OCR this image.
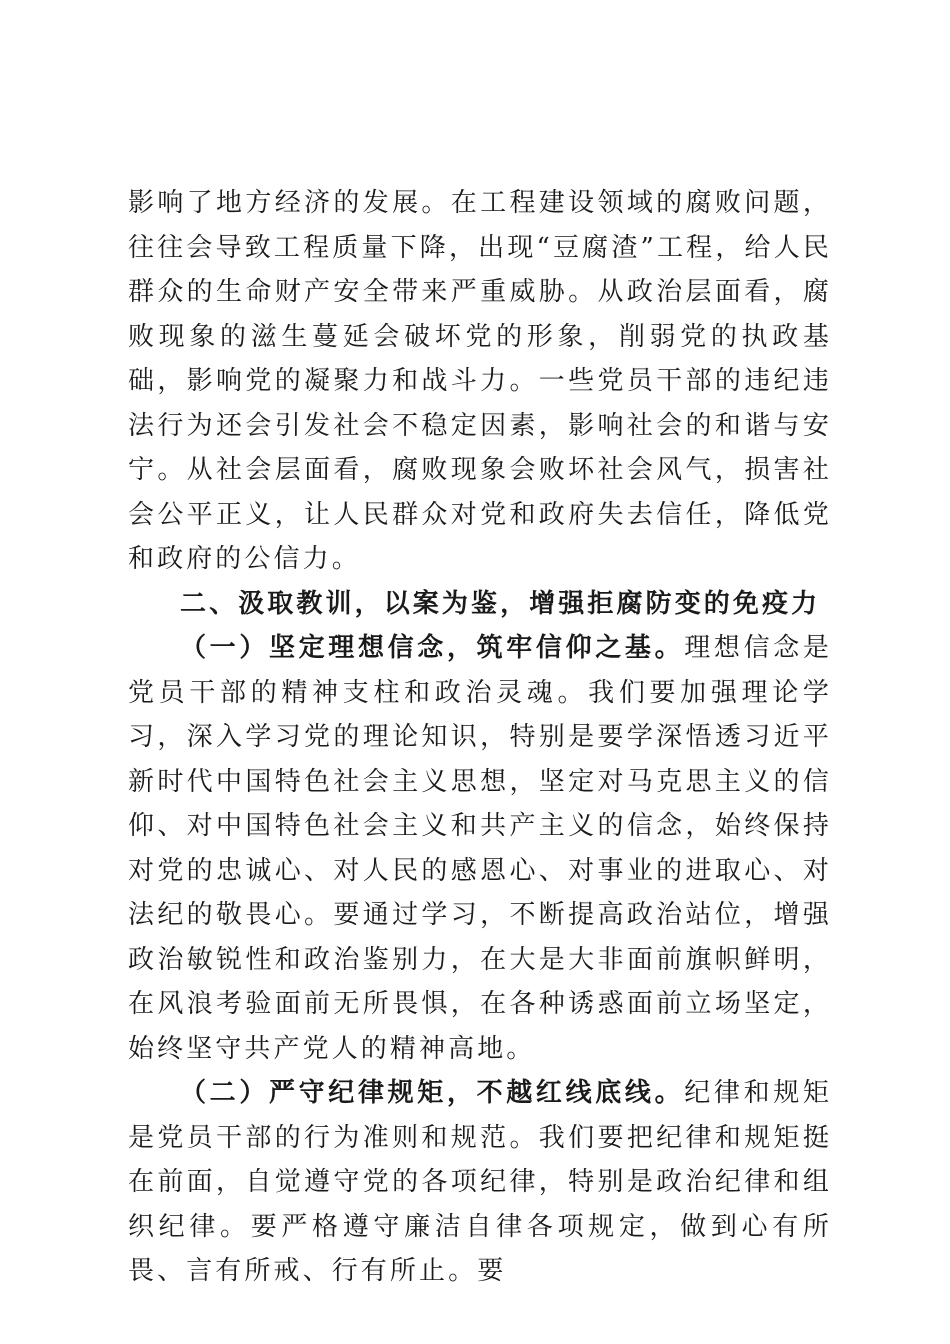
影响了地方经济的发展。在工程建设领域的腐败问题，往往会导致工程质量下降，出现“豆腐渣”工程，给人民群众的生命财产安全带来严重威胁。从政治层面看，腐败现象的滋生蔓延会破坏党的形象，削弱党的执政基础，影响党的凝聚力和战斗力。一些党员干部的违纪违法行为还会引发社会不稳定因素，影响社会的和谐与安宁。从社会层面看，腐败现象会败坏社会风气，损害社会公平正义，让人民群众对党和政府失去信任，降低党和政府的公信力。

二、汲取教训，以案为鉴，增强拒腐防变的免疫力

（一）坚定理想信念，筑牢信仰之基。理想信念是党员干部的精神支柱和政治灵魂。我们要加强理论学习，深入学习党的理论知识，特别是要学深悟透习近平新时代中国特色社会主义思想，坚定对马克思主义的信仰、对中国特色社会主义和共产主义的信念，始终保持对党的忠诚心、对人民的感恩心、对事业的进取心、对法纪的敬畏心。要通过学习，不断提高政治站位，增强政治敏锐性和政治鉴别力，在大是大非面前旗帜鲜明，在风浪考验面前无所畏惧，在各种诱惑面前立场坚定，始终坚守共产党人的精神高地。

（二）严守纪律规矩，不越红线底线。纪律和规矩是党员干部的行为准则和规范。我们要把纪律和规矩挺在前面，自觉遵守党的各项纪律，特别是政治纪律和组织纪律。要严格遵守廉洁自律各项规定，做到心有所畏、言有所戒、行有所止。要
